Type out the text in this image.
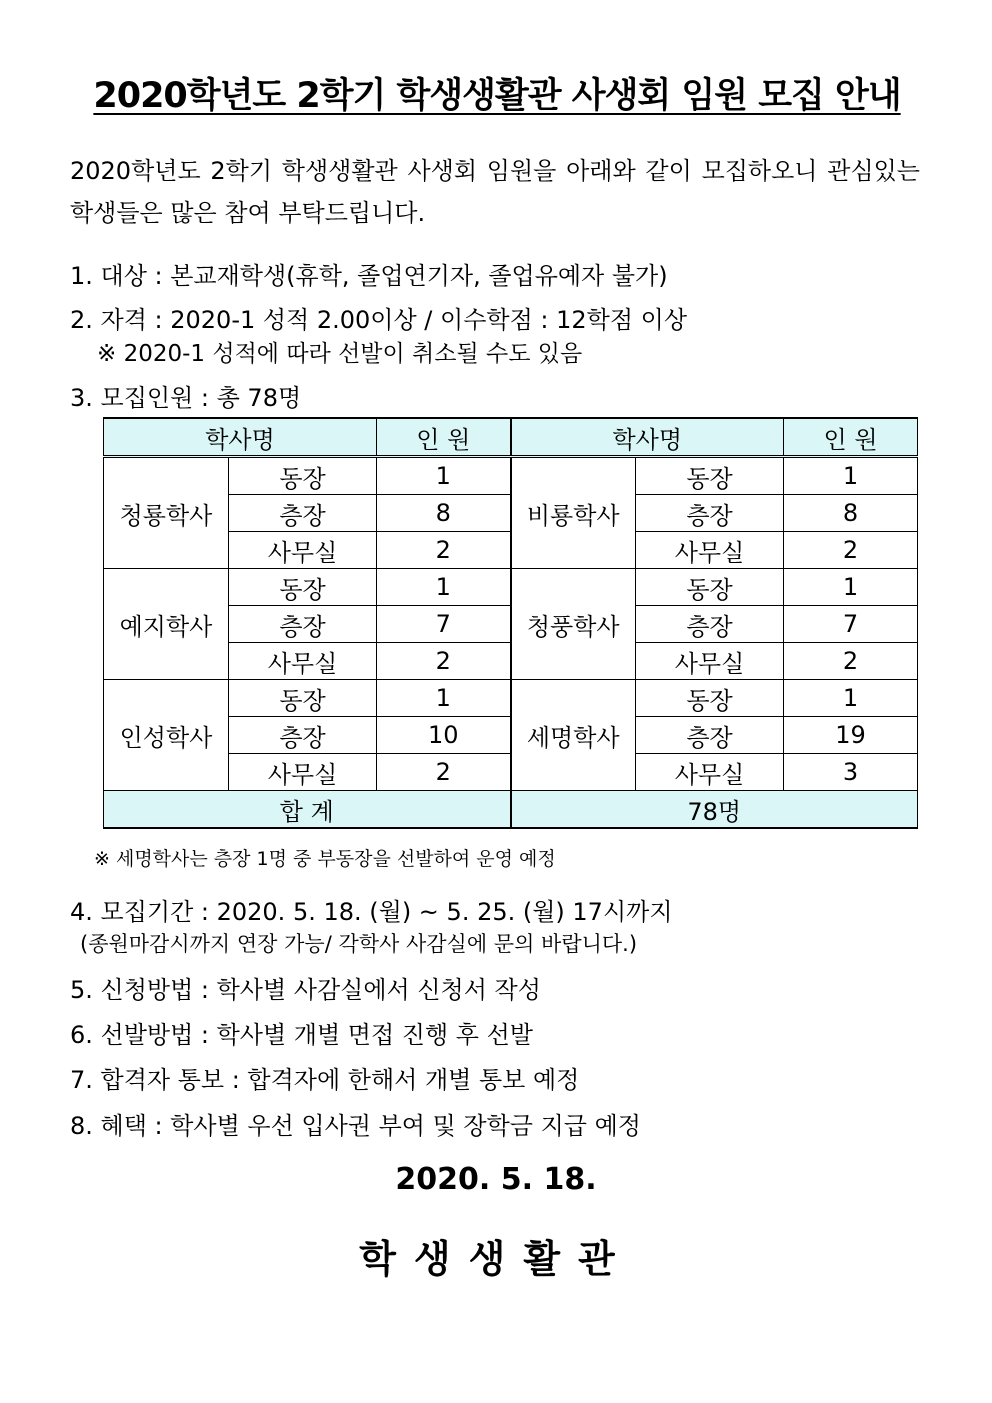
2020학년도 2학기 학생생활관 사생회 임원 모집 안내
2020학년도 2학기 학생생활관 사생회 임원을 아래와 같이 모집하오니 관심있는 학생들은 많은 참여 부탁드립니다.
1. 대상 : 본교재학생(휴학, 졸업연기자, 졸업유예자 불가)
2. 자격 : 2020-1 성적 2.00이상 / 이수학점 : 12학점 이상
※ 2020-1 성적에 따라 선발이 취소될 수도 있음
3. 모집인원 : 총 78명
학사명		인 원	학사명		인 원
청룡학사	동장	1	비룡학사	동장	1
	층장	8		층장	8
	사무실	2		사무실	2
예지학사	동장	1	청풍학사	동장	1
	층장	7		층장	7
	사무실	2		사무실	2
인성학사	동장	1	세명학사	동장	1
	층장	10		층장	19
	사무실	2		사무실	3
합 계			78명		
※ 세명학사는 층장 1명 중 부동장을 선발하여 운영 예정
4. 모집기간 : 2020. 5. 18. (월) ~ 5. 25. (월) 17시까지
(종원마감시까지 연장 가능/ 각학사 사감실에 문의 바랍니다.)
5. 신청방법 : 학사별 사감실에서 신청서 작성
6. 선발방법 : 학사별 개별 면접 진행 후 선발
7. 합격자 통보 : 합격자에 한해서 개별 통보 예정
8. 혜택 : 학사별 우선 입사권 부여 및 장학금 지급 예정
2020. 5. 18.
학생생활관
